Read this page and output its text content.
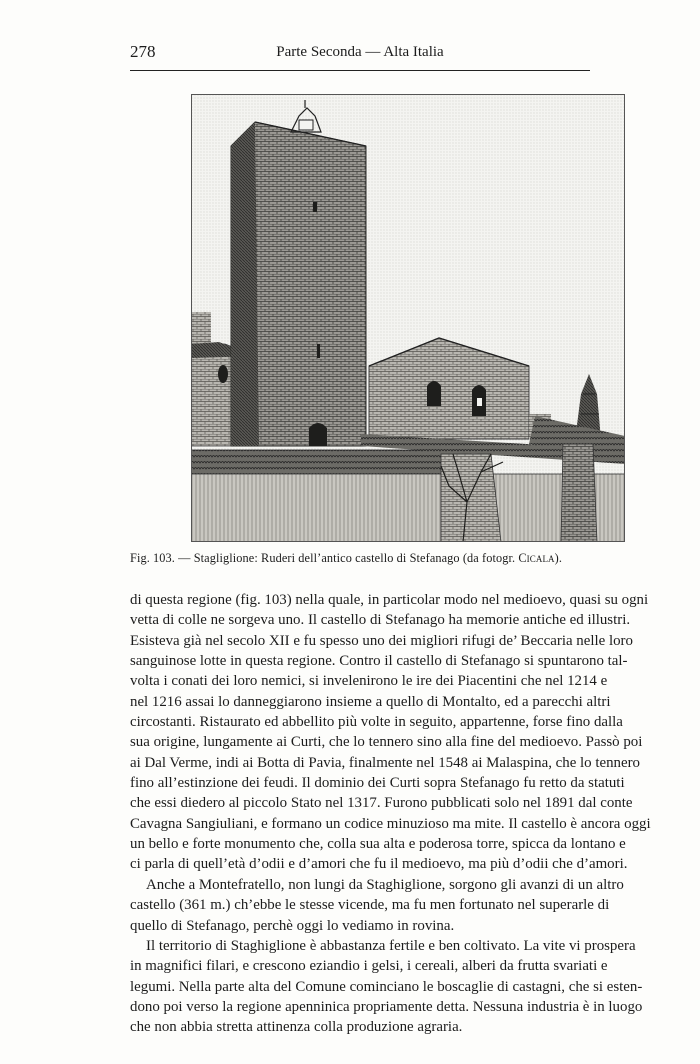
278	Parte Seconda — Alta Italia
Fig. 103. — Stagliglione: Ruderi dell’antico castello di Stefanago (da fotogr. Cicala).
di questa regione (fig. 103) nella quale, in particolar modo nel medioevo, quasi su ogni
vetta di colle ne sorgeva uno. Il castello di Stefanago ha memorie antiche ed illustri.
Esisteva già nel secolo XII e fu spesso uno dei migliori rifugi de’ Beccaria nelle loro
sanguinose lotte in questa regione. Contro il castello di Stefanago si spuntarono tal-
volta i conati dei loro nemici, si invelenirono le ire dei Piacentini che nel 1214 e
nel 1216 assai lo danneggiarono insieme a quello di Montalto, ed a parecchi altri
circostanti. Ristaurato ed abbellito più volte in seguito, appartenne, forse fino dalla
sua origine, lungamente ai Curti, che lo tennero sino alla fine del medioevo. Passò poi
ai Dal Verme, indi ai Botta di Pavia, finalmente nel 1548 ai Malaspina, che lo tennero
fino all’estinzione dei feudi. Il dominio dei Curti sopra Stefanago fu retto da statuti
che essi diedero al piccolo Stato nel 1317. Furono pubblicati solo nel 1891 dal conte
Cavagna Sangiuliani, e formano un codice minuzioso ma mite. Il castello è ancora oggi
un bello e forte monumento che, colla sua alta e poderosa torre, spicca da lontano e
ci parla di quell’età d’odii e d’amori che fu il medioevo, ma più d’odii che d’amori.
Anche a Montefratello, non lungi da Staghiglione, sorgono gli avanzi di un altro
castello (361 m.) ch’ebbe le stesse vicende, ma fu men fortunato nel superarle di
quello di Stefanago, perchè oggi lo vediamo in rovina.
Il territorio di Staghiglione è abbastanza fertile e ben coltivato. La vite vi prospera
in magnifici filari, e crescono eziandio i gelsi, i cereali, alberi da frutta svariati e
legumi. Nella parte alta del Comune cominciano le boscaglie di castagni, che si esten-
dono poi verso la regione apenninica propriamente detta. Nessuna industria è in luogo
che non abbia stretta attinenza colla produzione agraria.
